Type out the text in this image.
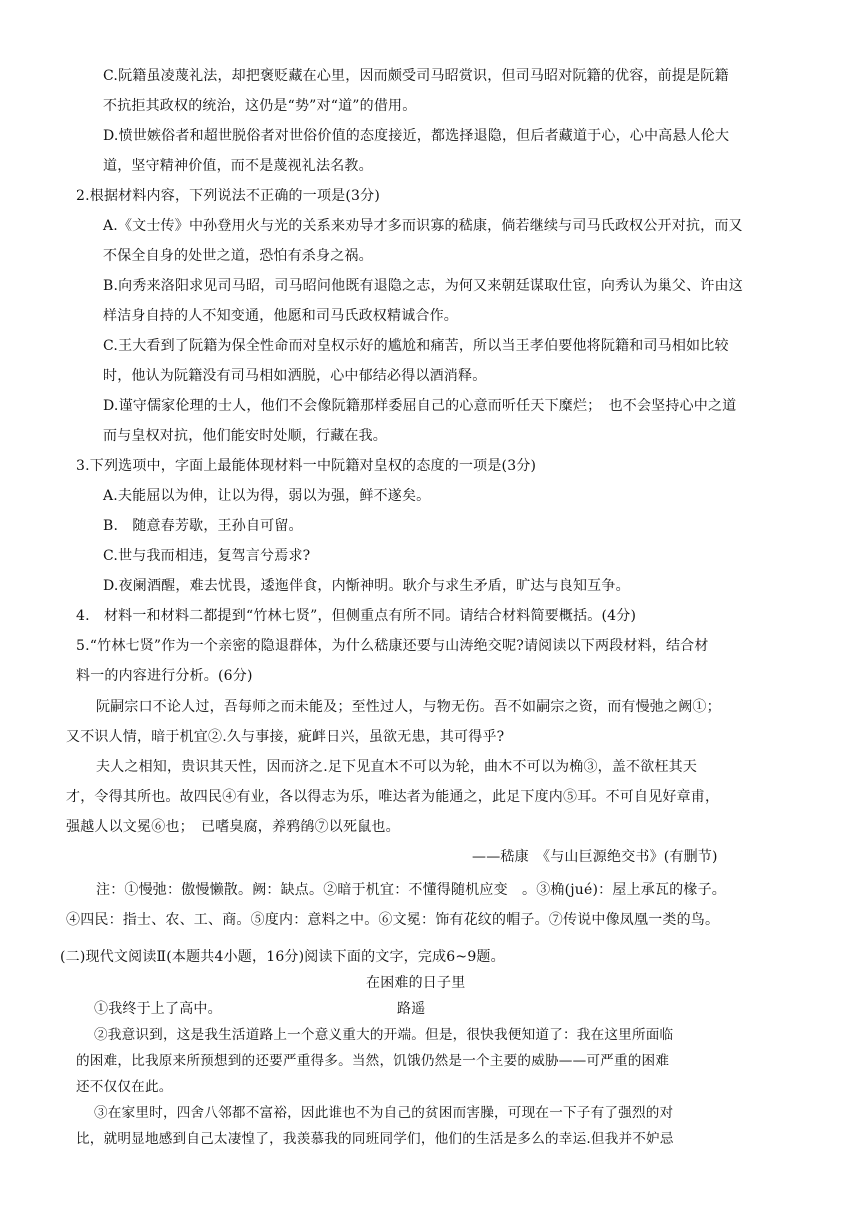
C.阮籍虽凌蔑礼法，却把褒贬藏在心里，因而颇受司马昭赏识，但司马昭对阮籍的优容，前提是阮籍
不抗拒其政权的统治，这仍是“势”对“道”的借用。
D.愤世嫉俗者和超世脱俗者对世俗价值的态度接近，都选择退隐，但后者藏道于心，心中高悬人伦大
道，坚守精神价值，而不是蔑视礼法名教。
2.根据材料内容，下列说法不正确的一项是(3分)
A.《文士传》中孙登用火与光的关系来劝导才多而识寡的嵇康，倘若继续与司马氏政权公开对抗，而又
不保全自身的处世之道，恐怕有杀身之祸。
B.向秀来洛阳求见司马昭，司马昭问他既有退隐之志，为何又来朝廷谋取仕宦，向秀认为巢父、许由这
样洁身自持的人不知变通，他愿和司马氏政权精诚合作。
C.王大看到了阮籍为保全性命而对皇权示好的尴尬和痛苦，所以当王孝伯要他将阮籍和司马相如比较
时，他认为阮籍没有司马相如洒脱，心中郁结必得以酒消释。
D.谨守儒家伦理的士人，他们不会像阮籍那样委屈自己的心意而听任天下糜烂；　也不会坚持心中之道
而与皇权对抗，他们能安时处顺，行藏在我。
3.下列选项中，字面上最能体现材料一中阮籍对皇权的态度的一项是(3分)
A.夫能屈以为伸，让以为得，弱以为强，鲜不遂矣。
B.　随意春芳歇，王孙自可留。
C.世与我而相违，复驾言兮焉求?
D.夜阑酒醒，难去忧畏，逶迤伴食，内惭神明。耿介与求生矛盾，旷达与良知互争。
4.　材料一和材料二都提到“竹林七贤”，但侧重点有所不同。请结合材料简要概括。(4分)
5.“竹林七贤”作为一个亲密的隐退群体，为什么嵇康还要与山涛绝交呢?请阅读以下两段材料，结合材
料一的内容进行分析。(6分)
阮嗣宗口不论人过，吾每师之而未能及；至性过人，与物无伤。吾不如嗣宗之资，而有慢弛之阙①；
又不识人情，暗于机宜②.久与事接，疵衅日兴，虽欲无患，其可得乎?
夫人之相知，贵识其天性，因而济之.足下见直木不可以为轮，曲木不可以为桷③，盖不欲枉其天
才，令得其所也。故四民④有业，各以得志为乐，唯达者为能通之，此足下度内⑤耳。不可自见好章甫，
强越人以文冕⑥也；　已嗜臭腐，养鸦鹐⑦以死鼠也。
——嵇康　《与山巨源绝交书》(有删节)
注：①慢弛：傲慢懒散。阙：缺点。②暗于机宜：不懂得随机应变　。③桷(jué)：屋上承瓦的椽子。
④四民：指士、农、工、商。⑤度内：意料之中。⑥文冕：饰有花纹的帽子。⑦传说中像凤凰一类的鸟。
(二)现代文阅读Ⅱ(本题共4小题，16分)阅读下面的文字，完成6~9题。
在困难的日子里
①我终于上了高中。	路遥
②我意识到，这是我生活道路上一个意义重大的开端。但是，很快我便知道了：我在这里所面临
的困难，比我原来所预想到的还要严重得多。当然，饥饿仍然是一个主要的威胁——可严重的困难
还不仅仅在此。
③在家里时，四舍八邻都不富裕，因此谁也不为自己的贫困而害臊，可现在一下子有了强烈的对
比，就明显地感到自己太凄惶了，我羡慕我的同班同学们，他们的生活是多么的幸运.但我并不妒忌
